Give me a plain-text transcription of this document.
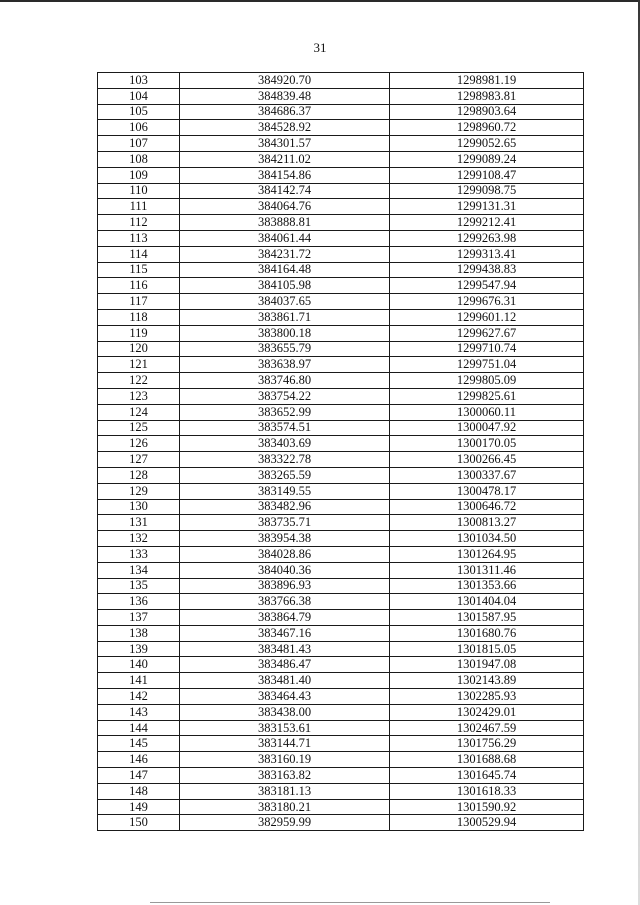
31
103	384920.70	1298981.19
104	384839.48	1298983.81
105	384686.37	1298903.64
106	384528.92	1298960.72
107	384301.57	1299052.65
108	384211.02	1299089.24
109	384154.86	1299108.47
110	384142.74	1299098.75
111	384064.76	1299131.31
112	383888.81	1299212.41
113	384061.44	1299263.98
114	384231.72	1299313.41
115	384164.48	1299438.83
116	384105.98	1299547.94
117	384037.65	1299676.31
118	383861.71	1299601.12
119	383800.18	1299627.67
120	383655.79	1299710.74
121	383638.97	1299751.04
122	383746.80	1299805.09
123	383754.22	1299825.61
124	383652.99	1300060.11
125	383574.51	1300047.92
126	383403.69	1300170.05
127	383322.78	1300266.45
128	383265.59	1300337.67
129	383149.55	1300478.17
130	383482.96	1300646.72
131	383735.71	1300813.27
132	383954.38	1301034.50
133	384028.86	1301264.95
134	384040.36	1301311.46
135	383896.93	1301353.66
136	383766.38	1301404.04
137	383864.79	1301587.95
138	383467.16	1301680.76
139	383481.43	1301815.05
140	383486.47	1301947.08
141	383481.40	1302143.89
142	383464.43	1302285.93
143	383438.00	1302429.01
144	383153.61	1302467.59
145	383144.71	1301756.29
146	383160.19	1301688.68
147	383163.82	1301645.74
148	383181.13	1301618.33
149	383180.21	1301590.92
150	382959.99	1300529.94
